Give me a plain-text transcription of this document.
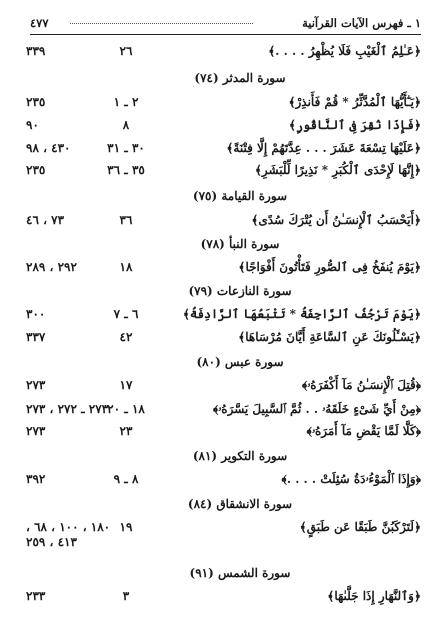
١ ـ فهرس الآيات القرآنية
٤٧٧
﴿عَـٰلِمُ ٱلْغَيْبِ فَلَا يُظْهِرُ . . . .﴾
٢٦
٣٣٩
سورة المدثر (٧٤)
﴿يَـٰٓأَيُّهَا ٱلْمُدَّثِّرُ * قُمْ فَأَنذِرْ﴾
٢ ـ ١
٢٣٥
﴿فَإِذَا نُقِرَ فِى ٱلنَّاقُورِ﴾
٨
٩٠
﴿عَلَيْهَا تِسْعَةَ عَشَرَ . . . عِدَّتَهُمْ إِلَّا فِتْنَةً﴾
٣٠ ـ ٣١
٤٣٠ ، ٩٨
﴿إِنَّهَا لَإِحْدَى ٱلْكُبَرِ * نَذِيرًا لِّلْبَشَرِ﴾
٣٥ ـ ٣٦
٢٣٥
سورة القيامة (٧٥)
﴿أَيَحْسَبُ ٱلْإِنسَـٰنُ أَن يُتْرَكَ سُدًى﴾
٣٦
٧٣ ، ٤٦
سورة النبأ (٧٨)
﴿يَوْمَ يُنفَخُ فِى ٱلصُّورِ فَتَأْتُونَ أَفْوَاجًا﴾
١٨
٢٩٢ ، ٢٨٩
سورة النازعات (٧٩)
﴿يَوْمَ تَرْجُفُ ٱلرَّاجِفَةُ * تَتْبَعُهَا ٱلرَّادِفَةُ﴾
٦ ـ ٧
٣٠٠
﴿يَسْـَٔلُونَكَ عَنِ ٱلسَّاعَةِ أَيَّانَ مُرْسَاهَا﴾
٤٢
٣٣٧
سورة عبس (٨٠)
﴿قُتِلَ ٱلْإِنسَـٰنُ مَآ أَكْفَرَهُۥ﴾
١٧
٢٧٣
﴿مِنْ أَيِّ شَىْءٍ خَلَقَهُۥ . . ثُمَّ ٱلسَّبِيلَ يَسَّرَهُۥ﴾
١٨ ـ ٢٠
٢٧٣ ـ ٢٧٢ ، ٢٧٣
﴿كَلَّا لَمَّا يَقْضِ مَآ أَمَرَهُۥ﴾
٢٣
٢٧٣
سورة التكوير (٨١)
﴿وَإِذَا ٱلْمَوْءُۥدَةُ سُئِلَتْ . . . .﴾
٨ ـ ٩
٣٩٢
سورة الانشقاق (٨٤)
﴿لَتَرْكَبُنَّ طَبَقًا عَن طَبَقٍ﴾
١٩
١٨٠ ، ١٠٠ ، ٦٨ ،
٤١٣ ، ٢٥٩
سورة الشمس (٩١)
﴿وَٱلنَّهَارِ إِذَا جَلَّىٰهَا﴾
٣
٢٣٣
